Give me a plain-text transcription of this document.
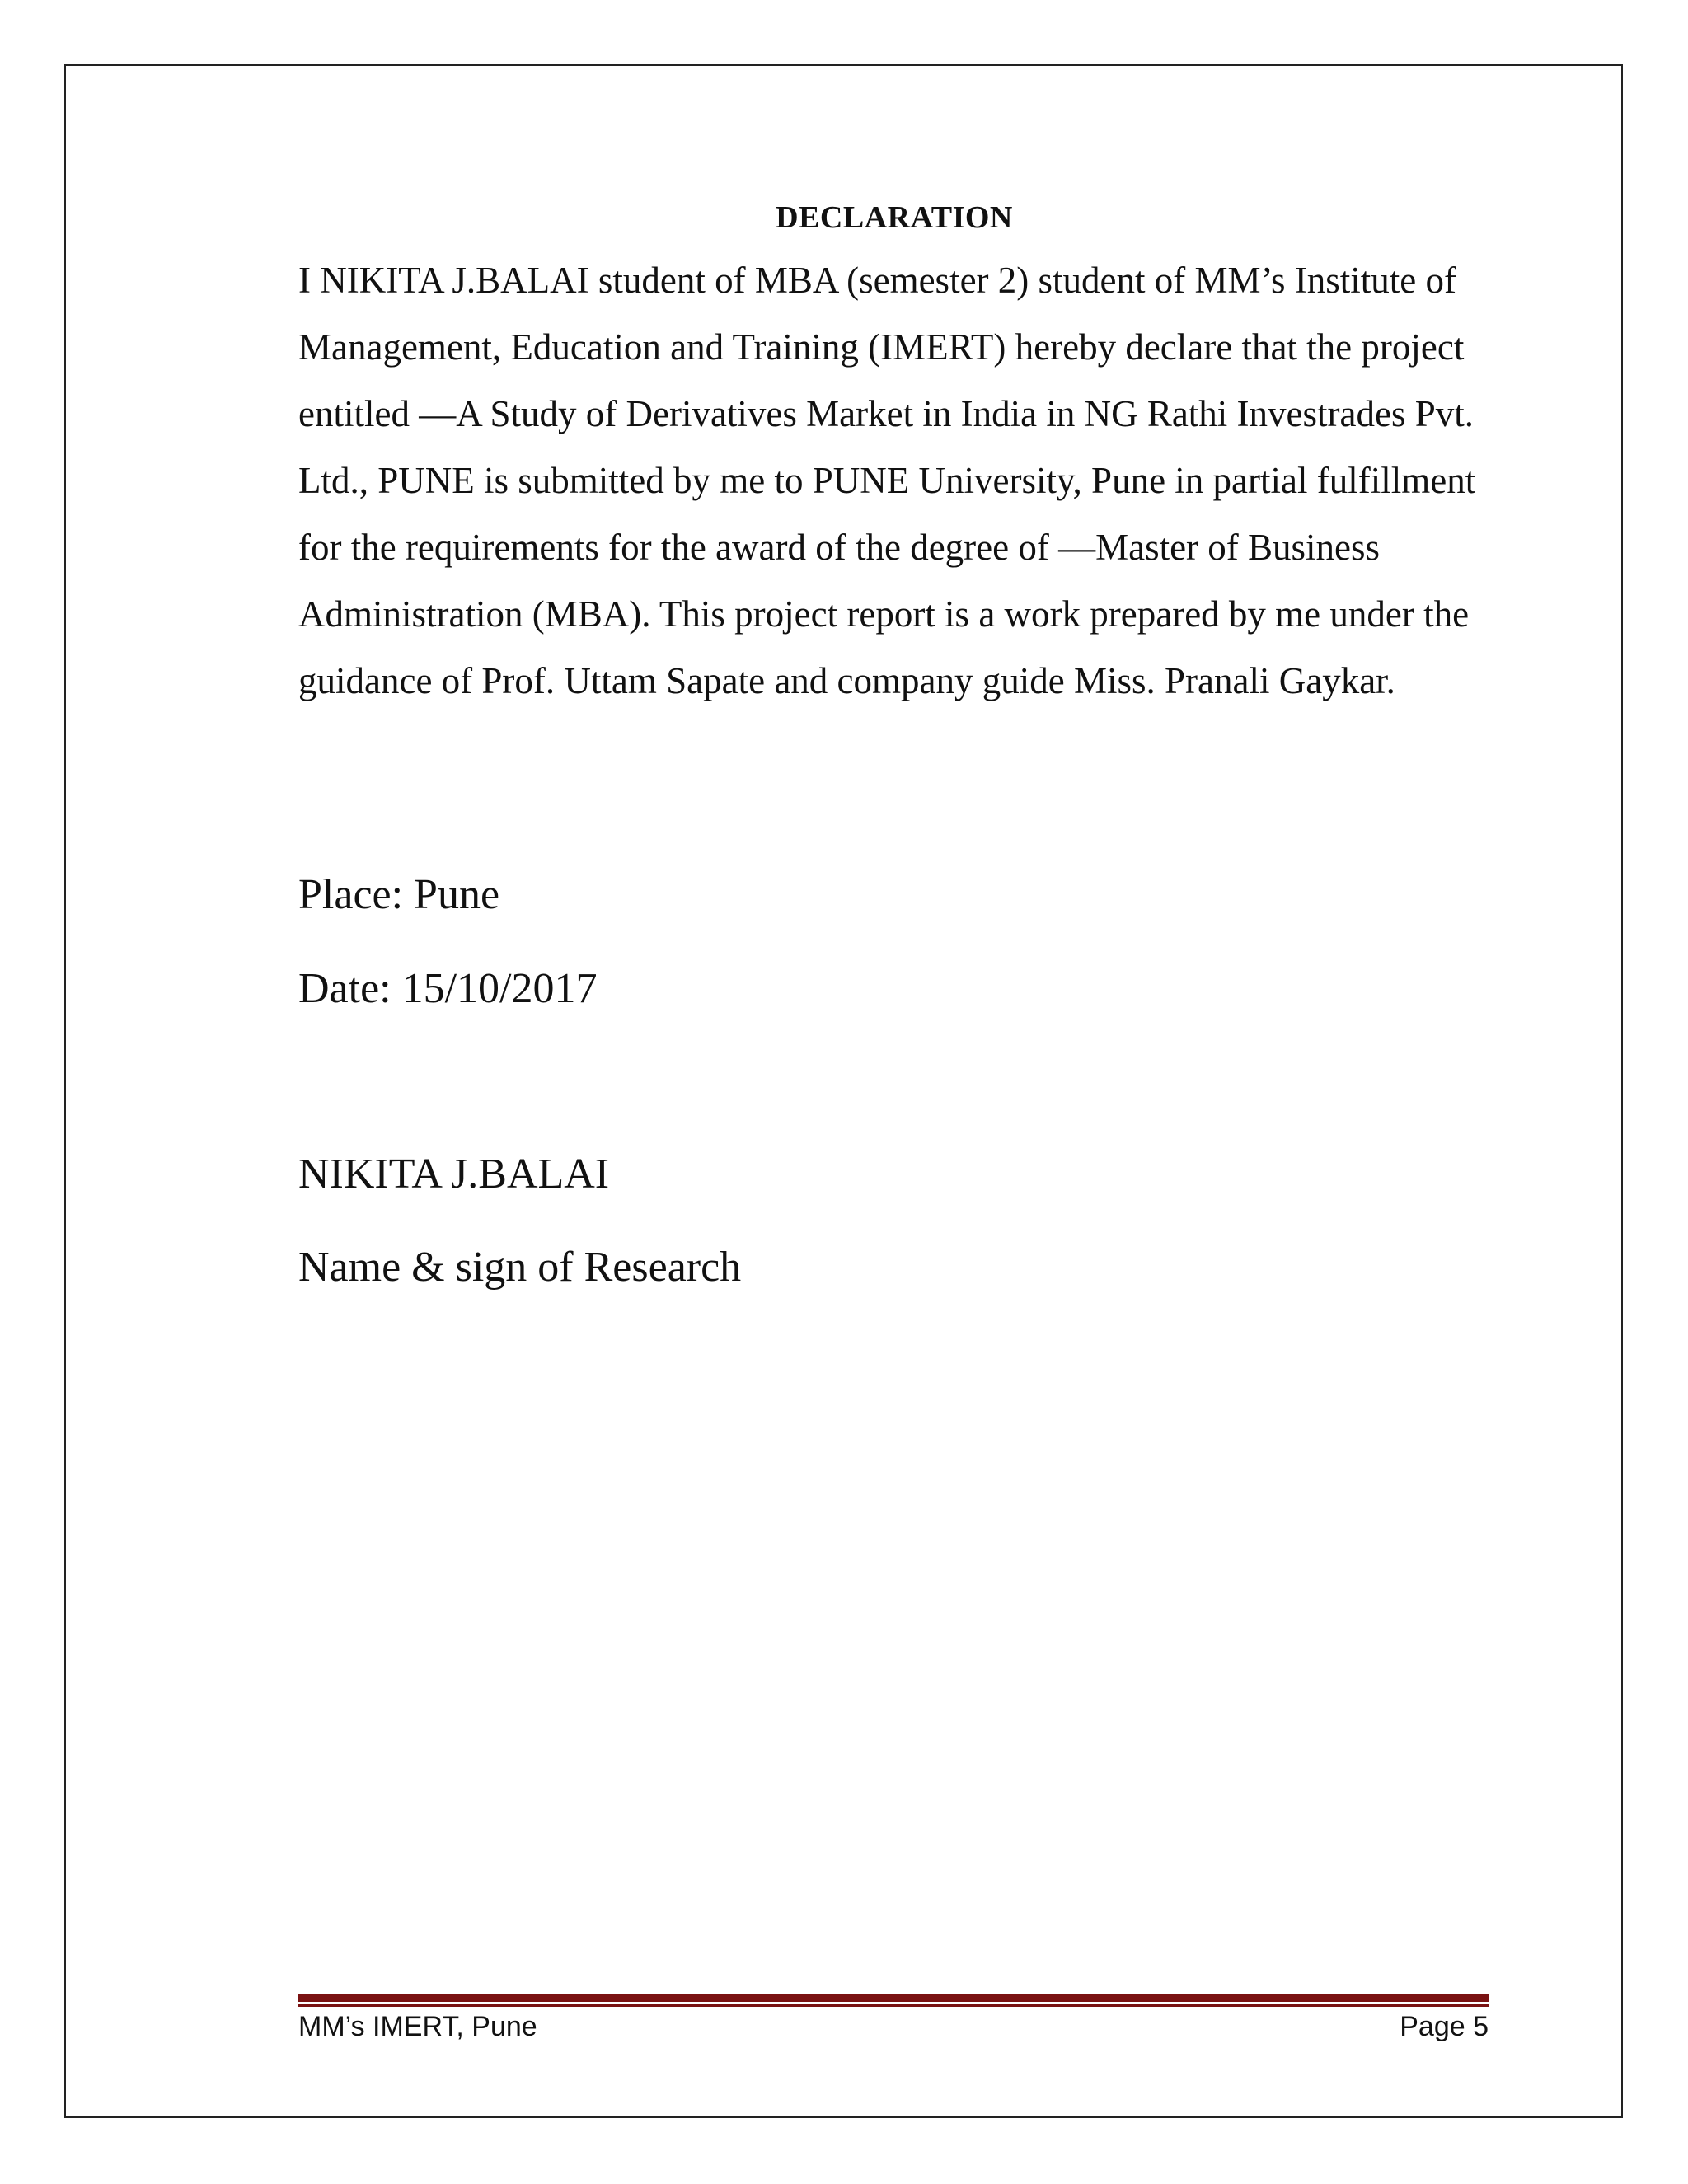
DECLARATION

I NIKITA J.BALAI student of MBA (semester 2) student of MM’s Institute of Management, Education and Training (IMERT) hereby declare that the project entitled ―A Study of Derivatives Market in India in NG Rathi Investrades Pvt. Ltd., PUNE is submitted by me to PUNE University, Pune in partial fulfillment for the requirements for the award of the degree of ―Master of Business Administration (MBA). This project report is a work prepared by me under the guidance of Prof. Uttam Sapate and company guide Miss. Pranali Gaykar.

Place: Pune

Date: 15/10/2017

NIKITA J.BALAI

Name & sign of Research

MM’s IMERT, Pune	Page 5
